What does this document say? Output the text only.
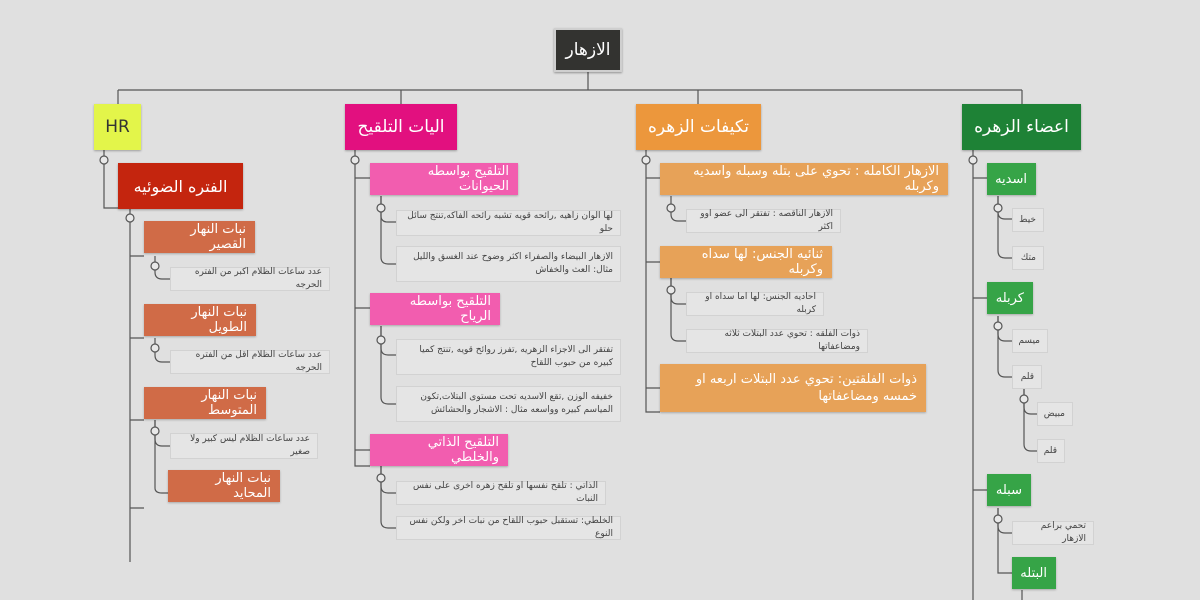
الازهار
HR
الفتره الضوئيه
نبات النهار القصير
عدد ساعات الظلام اكبر من الفتره الحرجه
نبات النهار الطويل
عدد ساعات الظلام اقل من الفتره الحرجه
نبات النهار المتوسط
عدد ساعات الظلام ليس كبير ولا صغير
نبات النهار المحايد
اليات التلقيح
التلقيح بواسطه الحيوانات
لها الوان زاهيه ,رائحه قويه تشبه رائحه الفاكه,تنتج سائل حلو
الازهار البيضاء والصفراء اكثر وضوح عند الغسق والليل مثال: العث والخفاش
التلقيح بواسطه الرياح
تفتقر الى الاجزاء الزهريه ,تفرز روائح قويه ,تنتج كميا كبيره من حبوب اللقاح
خفيفه الوزن ,تقع الاسديه تحت مستوى البتلات,تكون المياسم كبيره وواسعه مثال : الاشجار والحشائش
التلقيح الذاتي والخلطي
الذاتي : تلقح نفسها او تلقح زهره اخرى على نفس النبات
الخلطي: تستقبل حبوب اللقاح من نبات اخر ولكن نفس النوع
تكيفات الزهره
الازهار الكامله : تحوي على بتله وسبله واسديه وكربله
الازهار الناقصه : تفتقر الى عضو اوو اكثر
ثنائيه الجنس: لها سداه وكربله
احاديه الجنس: لها اما سداه او كربله
ذوات الفلقه : تحوي عدد البتلات ثلاثه ومضاعفاتها
ذوات الفلقتين: تحوي عدد البتلات اربعه او خمسه ومضاعفاتها
اعضاء الزهره
اسديه
خيط
متك
كربله
ميسم
قلم
مبيض
قلم
سبله
تحمي براعم الازهار
البتله
